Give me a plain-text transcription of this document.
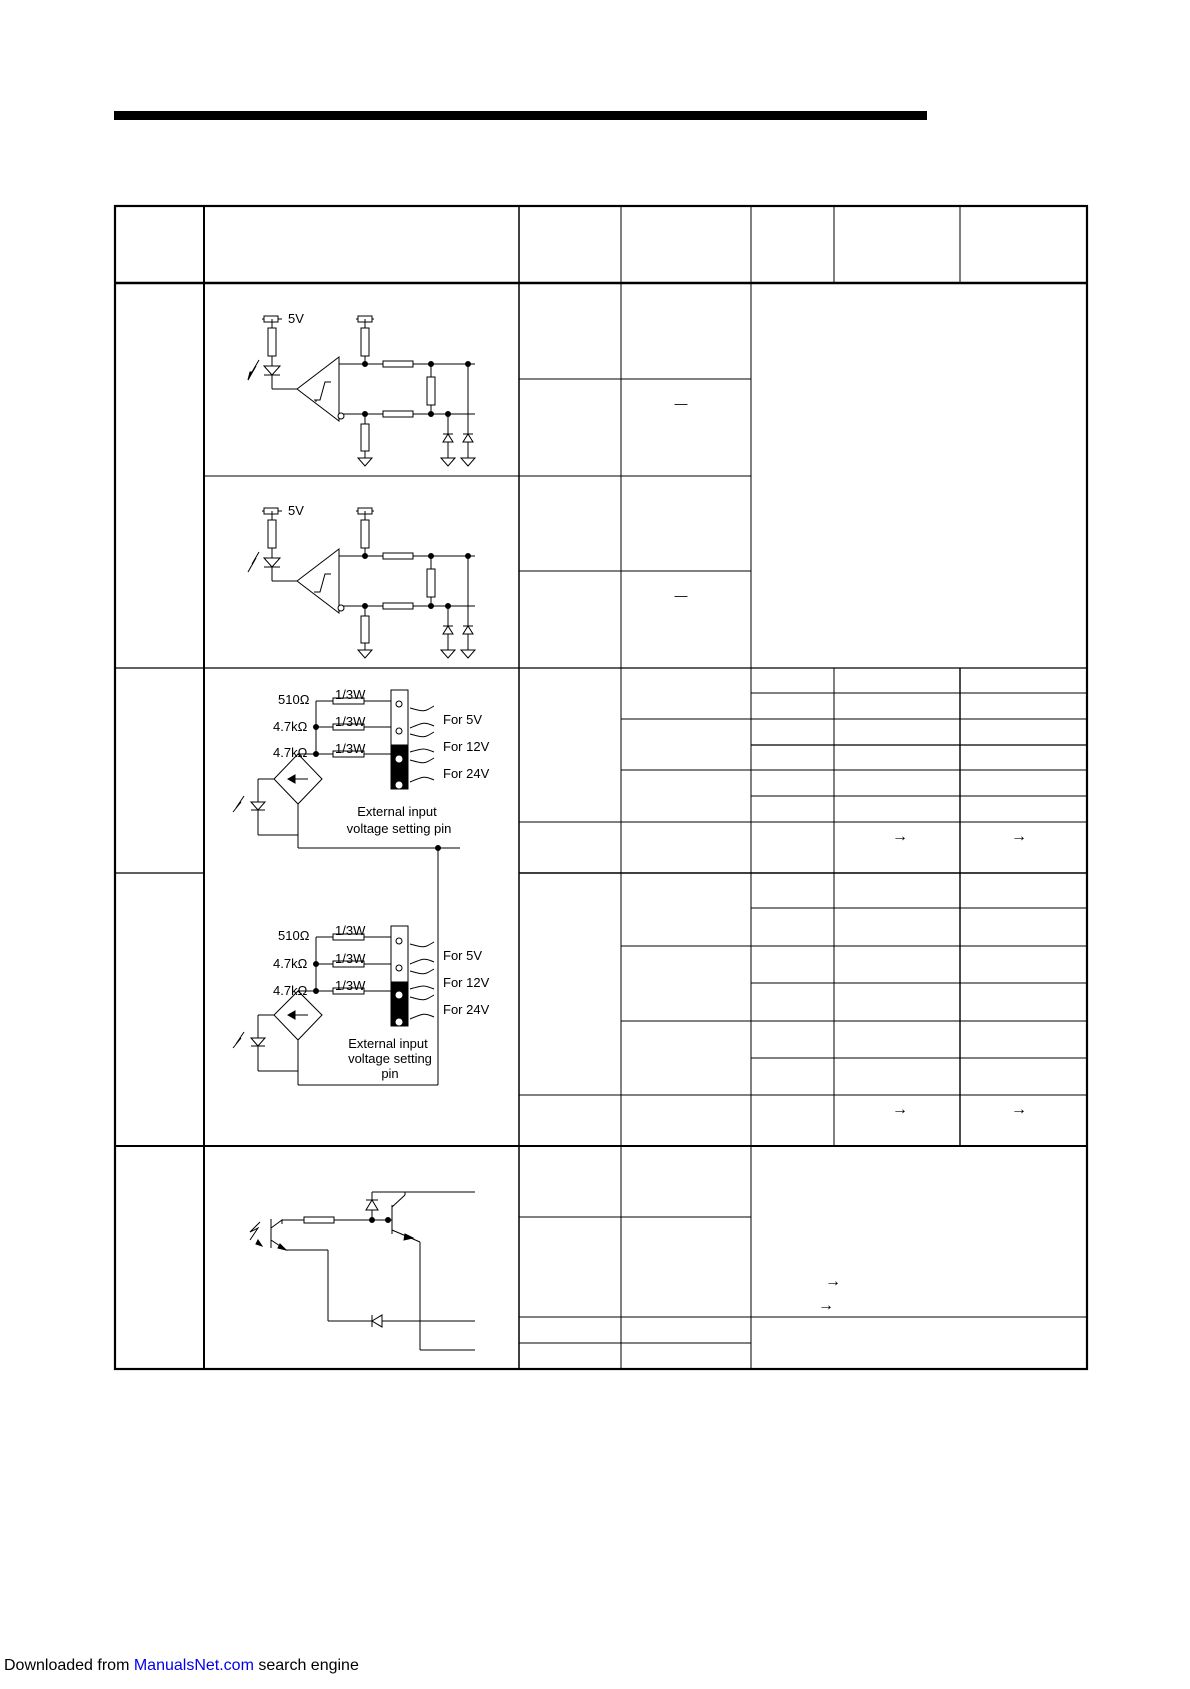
—
—
→	→
→	→
→
→
5V
5V
510Ω
4.7kΩ
4.7kΩ
1/3W
1/3W
1/3W
For 5V
For 12V
For 24V
External input
voltage setting pin
510Ω
4.7kΩ
4.7kΩ
1/3W
1/3W
1/3W
For 5V
For 12V
For 24V
External input
voltage setting
pin
Downloaded from ManualsNet.com search engine
